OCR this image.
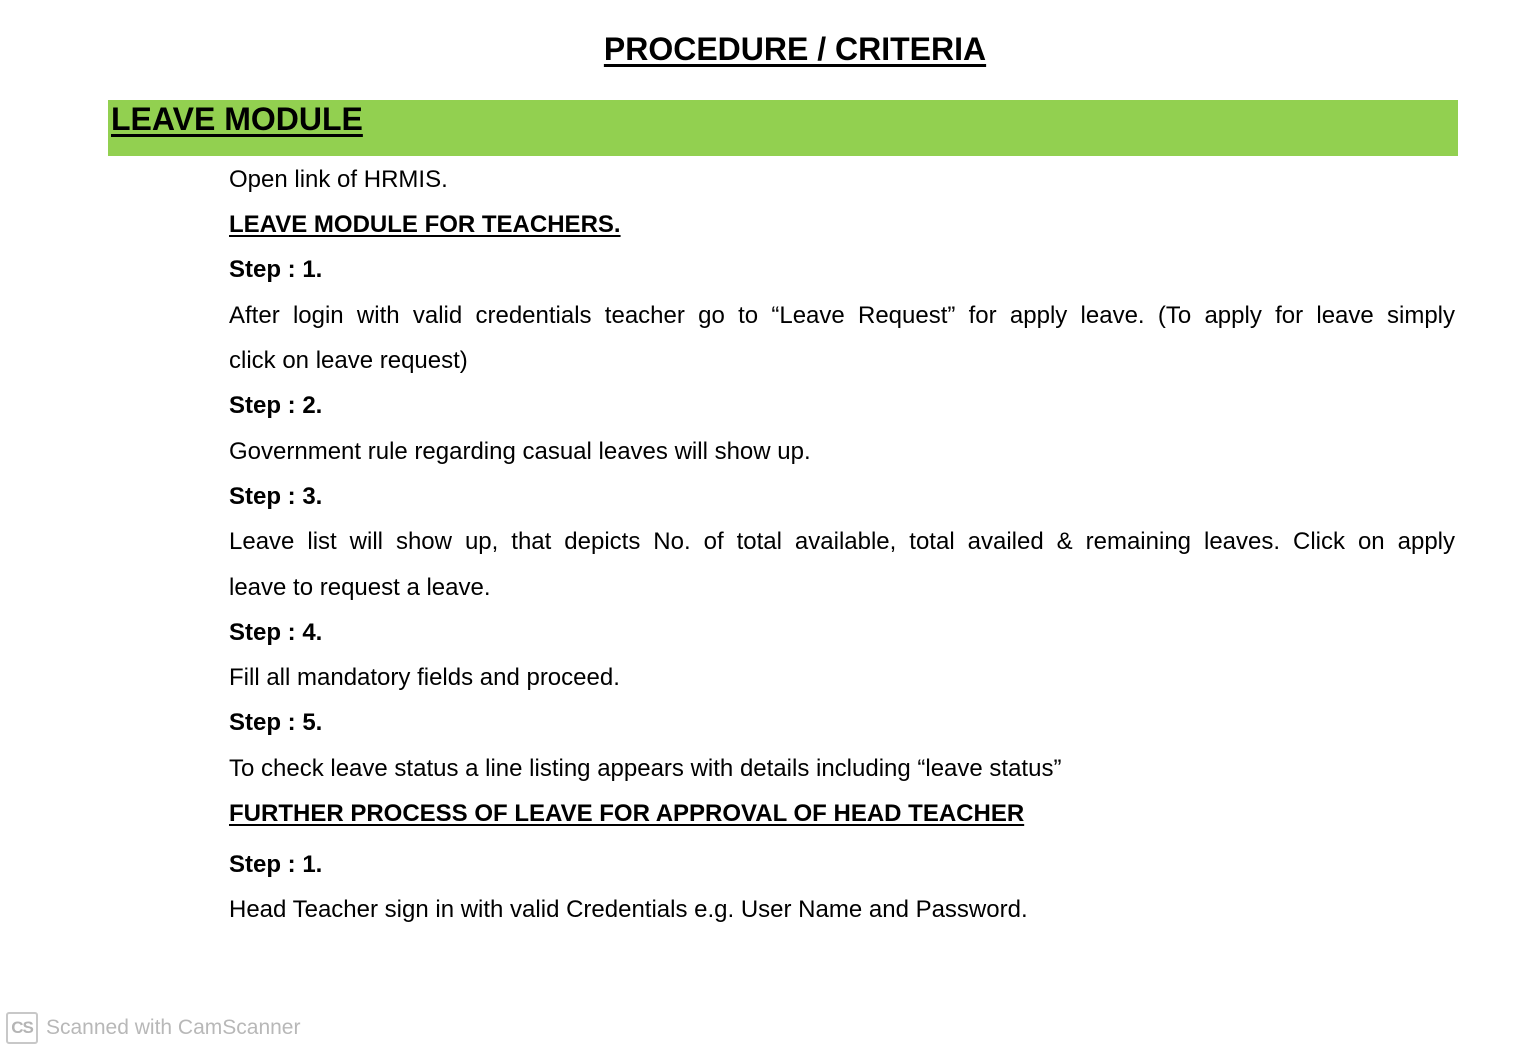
PROCEDURE / CRITERIA
LEAVE MODULE
Open link of HRMIS.
LEAVE MODULE FOR TEACHERS.
Step : 1.
After login with valid credentials teacher go to “Leave Request” for apply leave. (To apply for leave simply
click on leave request)
Step : 2.
Government rule regarding casual leaves will show up.
Step : 3.
Leave list will show up, that depicts No. of total available, total availed & remaining leaves. Click on apply
leave to request a leave.
Step : 4.
Fill all mandatory fields and proceed.
Step : 5.
To check leave status a line listing appears with details including “leave status”
FURTHER PROCESS OF LEAVE FOR APPROVAL OF HEAD TEACHER
Step : 1.
Head Teacher sign in with valid Credentials e.g. User Name and Password.
CS Scanned with CamScanner
